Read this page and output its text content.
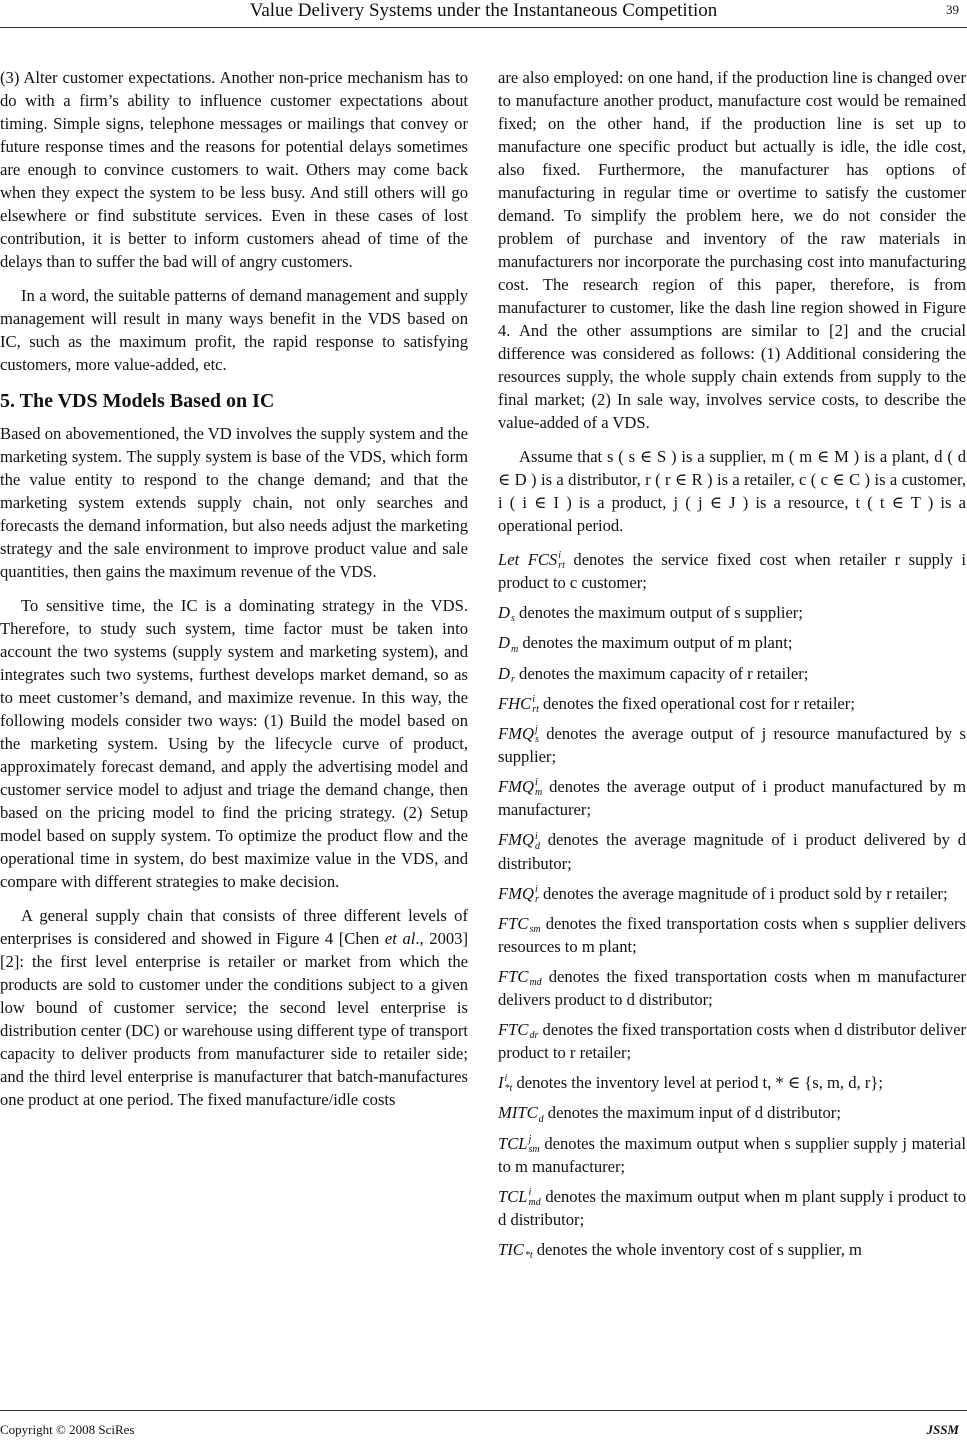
Value Delivery Systems under the Instantaneous Competition	39

(3) Alter customer expectations. Another non-price mechanism has to do with a firm’s ability to influence customer expectations about timing. Simple signs, telephone messages or mailings that convey or future response times and the reasons for potential delays sometimes are enough to convince customers to wait. Others may come back when they expect the system to be less busy. And still others will go elsewhere or find substitute services. Even in these cases of lost contribution, it is better to inform customers ahead of time of the delays than to suffer the bad will of angry customers.

In a word, the suitable patterns of demand management and supply management will result in many ways benefit in the VDS based on IC, such as the maximum profit, the rapid response to satisfying customers, more value-added, etc.

5. The VDS Models Based on IC

Based on abovementioned, the VD involves the supply system and the marketing system. The supply system is base of the VDS, which form the value entity to respond to the change demand; and that the marketing system extends supply chain, not only searches and forecasts the demand information, but also needs adjust the marketing strategy and the sale environment to improve product value and sale quantities, then gains the maximum revenue of the VDS.

To sensitive time, the IC is a dominating strategy in the VDS. Therefore, to study such system, time factor must be taken into account the two systems (supply system and marketing system), and integrates such two systems, furthest develops market demand, so as to meet customer’s demand, and maximize revenue. In this way, the following models consider two ways: (1) Build the model based on the marketing system. Using by the lifecycle curve of product, approximately forecast demand, and apply the advertising model and customer service model to adjust and triage the demand change, then based on the pricing model to find the pricing strategy. (2) Setup model based on supply system. To optimize the product flow and the operational time in system, do best maximize value in the VDS, and compare with different strategies to make decision.

A general supply chain that consists of three different levels of enterprises is considered and showed in Figure 4 [Chen et al., 2003] [2]: the first level enterprise is retailer or market from which the products are sold to customer under the conditions subject to a given low bound of customer service; the second level enterprise is distribution center (DC) or warehouse using different type of transport capacity to deliver products from manufacturer side to retailer side; and the third level enterprise is manufacturer that batch-manufactures one product at one period. The fixed manufacture/idle costs

are also employed: on one hand, if the production line is changed over to manufacture another product, manufacture cost would be remained fixed; on the other hand, if the production line is set up to manufacture one specific product but actually is idle, the idle cost, also fixed. Furthermore, the manufacturer has options of manufacturing in regular time or overtime to satisfy the customer demand. To simplify the problem here, we do not consider the problem of purchase and inventory of the raw materials in manufacturers nor incorporate the purchasing cost into manufacturing cost. The research region of this paper, therefore, is from manufacturer to customer, like the dash line region showed in Figure 4. And the other assumptions are similar to [2] and the crucial difference was considered as follows: (1) Additional considering the resources supply, the whole supply chain extends from supply to the final market; (2) In sale way, involves service costs, to describe the value-added of a VDS.

Assume that s ( s ∈ S ) is a supplier, m ( m ∈ M ) is a plant, d ( d ∈ D ) is a distributor, r ( r ∈ R ) is a retailer, c ( c ∈ C ) is a customer, i ( i ∈ I ) is a product, j ( j ∈ J ) is a resource, t ( t ∈ T ) is a operational period.

Let FCS i
rt denotes the service fixed cost when retailer r supply i product to c customer;

D
s denotes the maximum output of s supplier;

D
m denotes the maximum output of m plant;

D
r denotes the maximum capacity of r retailer;

FHC i
rt denotes the fixed operational cost for r retailer;

FMQ j
s denotes the average output of j resource manufactured by s supplier;

FMQ i
m denotes the average output of i product manufactured by m manufacturer;

FMQ i
d denotes the average magnitude of i product delivered by d distributor;

FMQ i
r denotes the average magnitude of i product sold by r retailer;

FTC
sm denotes the fixed transportation costs when s supplier delivers resources to m plant;

FTC
md denotes the fixed transportation costs when m manufacturer delivers product to d distributor;

FTC
dr denotes the fixed transportation costs when d distributor deliver product to r retailer;

I i
*t denotes the inventory level at period t, * ∈ {s, m, d, r};

MITC
d denotes the maximum input of d distributor;

TCL j
sm denotes the maximum output when s supplier supply j material to m manufacturer;

TCL i
md denotes the maximum output when m plant supply i product to d distributor;

TIC
*t denotes the whole inventory cost of s supplier, m

Copyright © 2008 SciRes	JSSM
